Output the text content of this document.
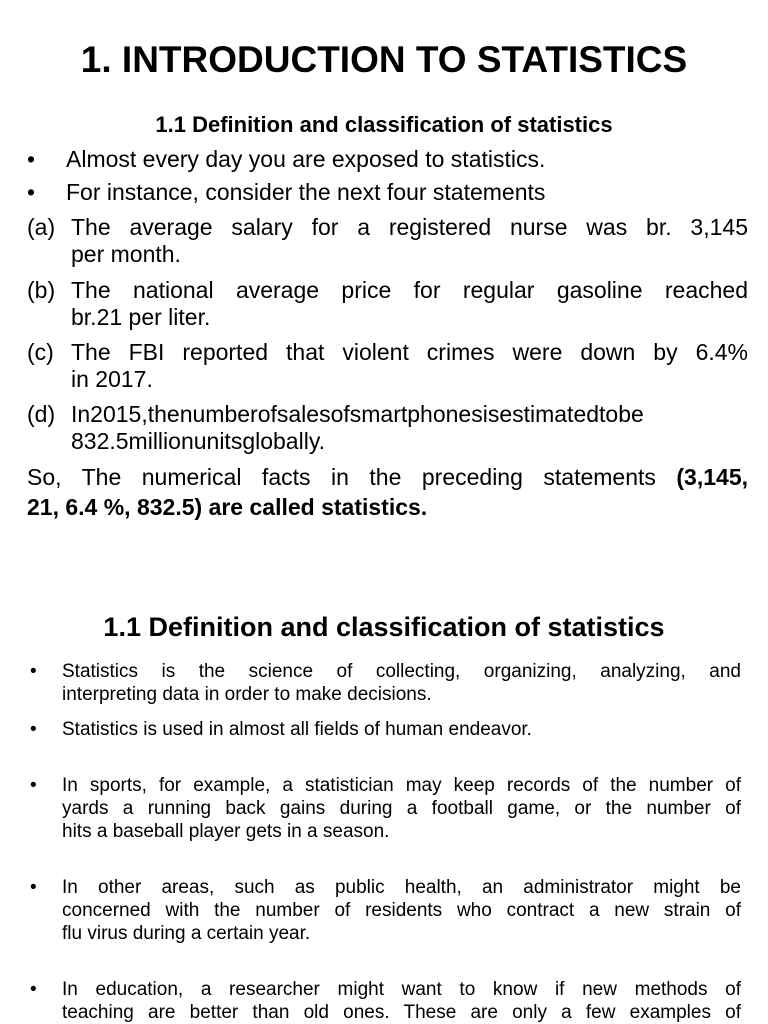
1. INTRODUCTION TO STATISTICS
1.1 Definition and classification of statistics
• Almost every day you are exposed to statistics.
• For instance, consider the next four statements
(a) The average salary for a registered nurse was br. 3,145
per month.
(b) The national average price for regular gasoline reached
br.21 per liter.
(c) The FBI reported that violent crimes were down by 6.4%
in 2017.
(d) In2015,thenumberofsalesofsmartphonesisestimatedtobe
832.5millionunitsglobally.
So, The numerical facts in the preceding statements (3,145,
21, 6.4 %, 832.5) are called statistics.
1.1 Definition and classification of statistics
• Statistics is the science of collecting, organizing, analyzing, and
interpreting data in order to make decisions.
• Statistics is used in almost all fields of human endeavor.
• In sports, for example, a statistician may keep records of the number of
yards a running back gains during a football game, or the number of
hits a baseball player gets in a season.
• In other areas, such as public health, an administrator might be
concerned with the number of residents who contract a new strain of
flu virus during a certain year.
• In education, a researcher might want to know if new methods of
teaching are better than old ones. These are only a few examples of
